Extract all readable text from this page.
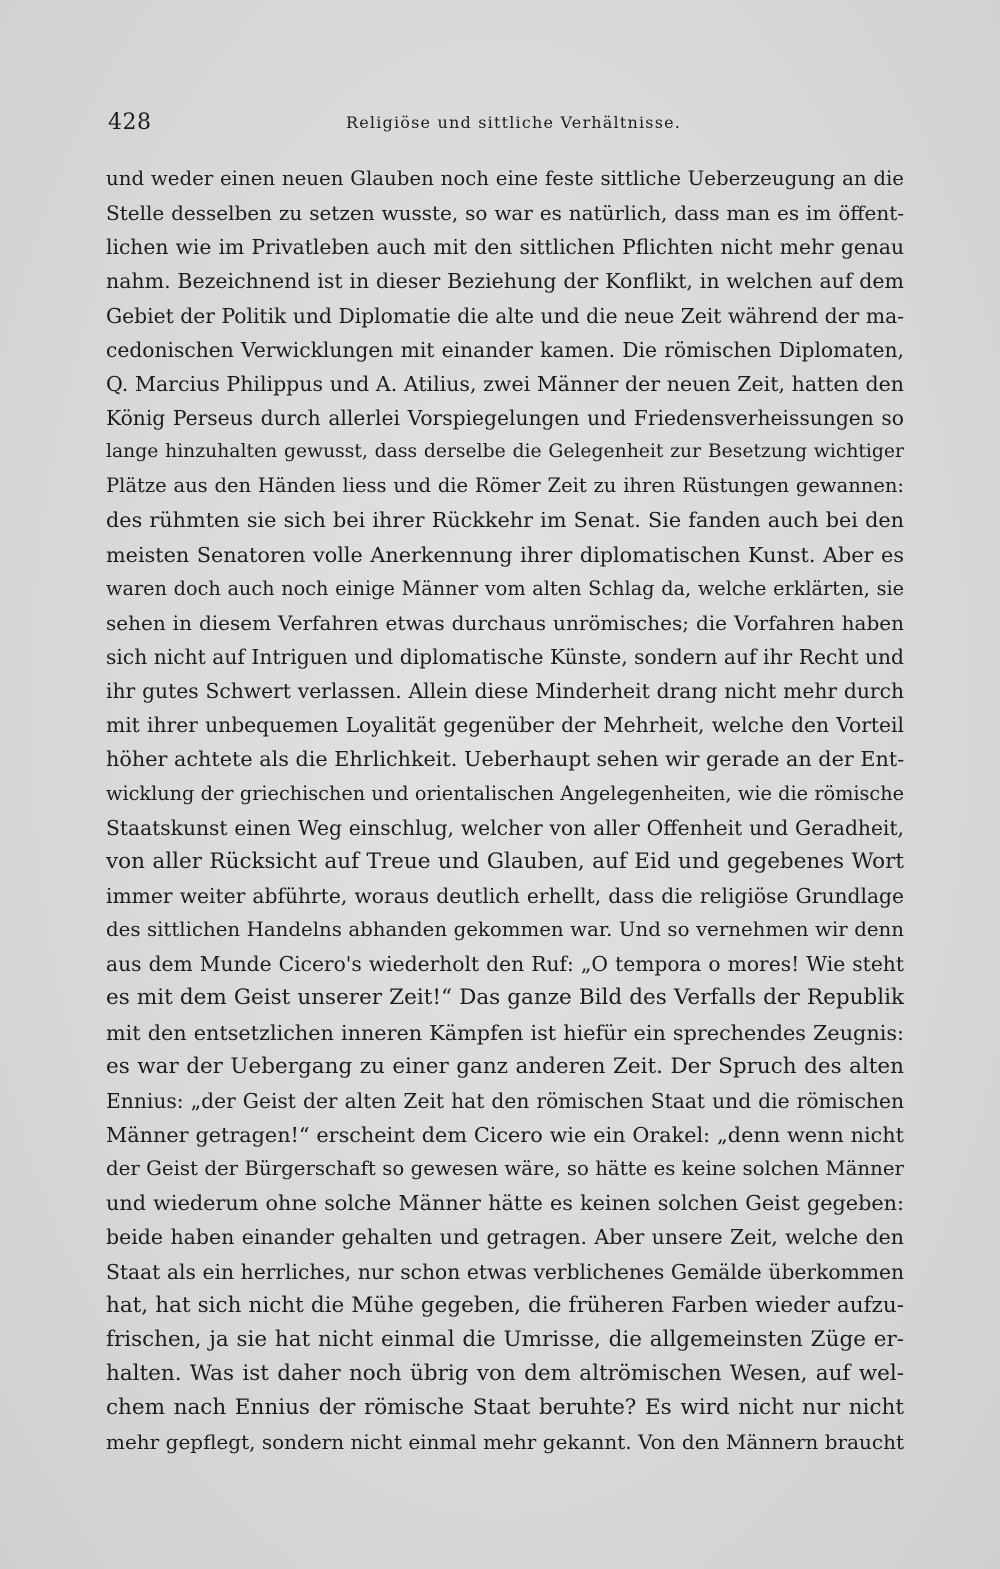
428	Religiöse und sittliche Verhältnisse.
und weder einen neuen Glauben noch eine feste sittliche Ueberzeugung an die
Stelle desselben zu setzen wusste, so war es natürlich, dass man es im öffent-
lichen wie im Privatleben auch mit den sittlichen Pflichten nicht mehr genau
nahm. Bezeichnend ist in dieser Beziehung der Konflikt, in welchen auf dem
Gebiet der Politik und Diplomatie die alte und die neue Zeit während der ma-
cedonischen Verwicklungen mit einander kamen. Die römischen Diplomaten,
Q. Marcius Philippus und A. Atilius, zwei Männer der neuen Zeit, hatten den
König Perseus durch allerlei Vorspiegelungen und Friedensverheissungen so
lange hinzuhalten gewusst, dass derselbe die Gelegenheit zur Besetzung wichtiger
Plätze aus den Händen liess und die Römer Zeit zu ihren Rüstungen gewannen:
des rühmten sie sich bei ihrer Rückkehr im Senat. Sie fanden auch bei den
meisten Senatoren volle Anerkennung ihrer diplomatischen Kunst. Aber es
waren doch auch noch einige Männer vom alten Schlag da, welche erklärten, sie
sehen in diesem Verfahren etwas durchaus unrömisches; die Vorfahren haben
sich nicht auf Intriguen und diplomatische Künste, sondern auf ihr Recht und
ihr gutes Schwert verlassen. Allein diese Minderheit drang nicht mehr durch
mit ihrer unbequemen Loyalität gegenüber der Mehrheit, welche den Vorteil
höher achtete als die Ehrlichkeit. Ueberhaupt sehen wir gerade an der Ent-
wicklung der griechischen und orientalischen Angelegenheiten, wie die römische
Staatskunst einen Weg einschlug, welcher von aller Offenheit und Geradheit,
von aller Rücksicht auf Treue und Glauben, auf Eid und gegebenes Wort
immer weiter abführte, woraus deutlich erhellt, dass die religiöse Grundlage
des sittlichen Handelns abhanden gekommen war. Und so vernehmen wir denn
aus dem Munde Cicero's wiederholt den Ruf: „O tempora o mores! Wie steht
es mit dem Geist unserer Zeit!“ Das ganze Bild des Verfalls der Republik
mit den entsetzlichen inneren Kämpfen ist hiefür ein sprechendes Zeugnis:
es war der Uebergang zu einer ganz anderen Zeit. Der Spruch des alten
Ennius: „der Geist der alten Zeit hat den römischen Staat und die römischen
Männer getragen!“ erscheint dem Cicero wie ein Orakel: „denn wenn nicht
der Geist der Bürgerschaft so gewesen wäre, so hätte es keine solchen Männer
und wiederum ohne solche Männer hätte es keinen solchen Geist gegeben:
beide haben einander gehalten und getragen. Aber unsere Zeit, welche den
Staat als ein herrliches, nur schon etwas verblichenes Gemälde überkommen
hat, hat sich nicht die Mühe gegeben, die früheren Farben wieder aufzu-
frischen, ja sie hat nicht einmal die Umrisse, die allgemeinsten Züge er-
halten. Was ist daher noch übrig von dem altrömischen Wesen, auf wel-
chem nach Ennius der römische Staat beruhte? Es wird nicht nur nicht
mehr gepflegt, sondern nicht einmal mehr gekannt. Von den Männern braucht
